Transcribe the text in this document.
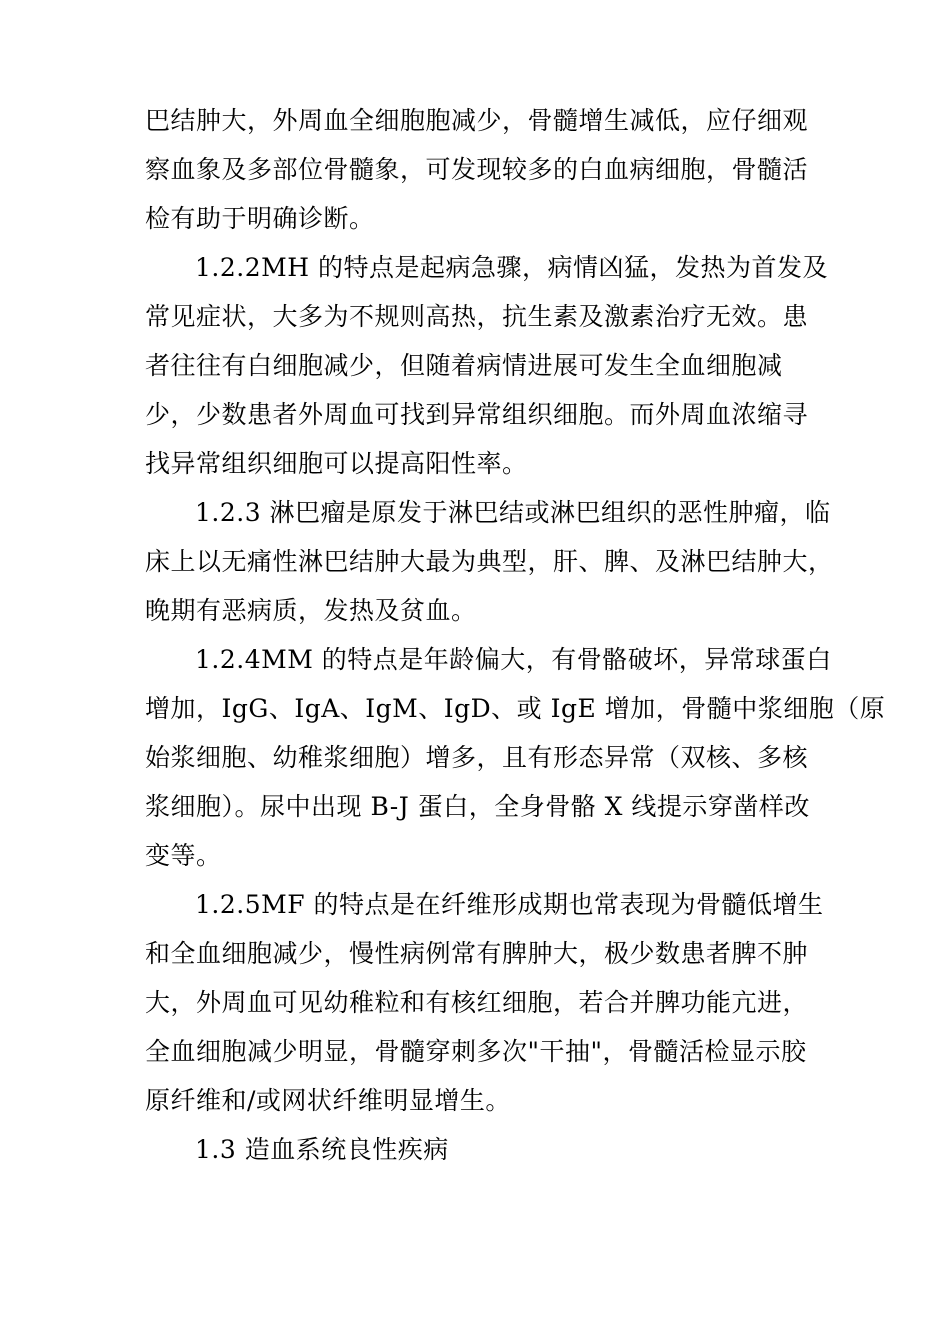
巴结肿大，外周血全细胞胞减少，骨髓增生减低，应仔细观
察血象及多部位骨髓象，可发现较多的白血病细胞，骨髓活
检有助于明确诊断。
1.2.2MH 的特点是起病急骤，病情凶猛，发热为首发及
常见症状，大多为不规则高热，抗生素及激素治疗无效。患
者往往有白细胞减少，但随着病情进展可发生全血细胞减
少，少数患者外周血可找到异常组织细胞。而外周血浓缩寻
找异常组织细胞可以提高阳性率。
1.2.3 淋巴瘤是原发于淋巴结或淋巴组织的恶性肿瘤，临
床上以无痛性淋巴结肿大最为典型，肝、脾、及淋巴结肿大，
晚期有恶病质，发热及贫血。
1.2.4MM 的特点是年龄偏大，有骨骼破坏，异常球蛋白
增加，IgG、IgA、IgM、IgD、或 IgE 增加，骨髓中浆细胞（原
始浆细胞、幼稚浆细胞）增多，且有形态异常（双核、多核
浆细胞）。尿中出现 B-J 蛋白，全身骨骼 X 线提示穿凿样改
变等。
1.2.5MF 的特点是在纤维形成期也常表现为骨髓低增生
和全血细胞减少，慢性病例常有脾肿大，极少数患者脾不肿
大，外周血可见幼稚粒和有核红细胞，若合并脾功能亢进，
全血细胞减少明显，骨髓穿刺多次"干抽"，骨髓活检显示胶
原纤维和/或网状纤维明显增生。
1.3 造血系统良性疾病
